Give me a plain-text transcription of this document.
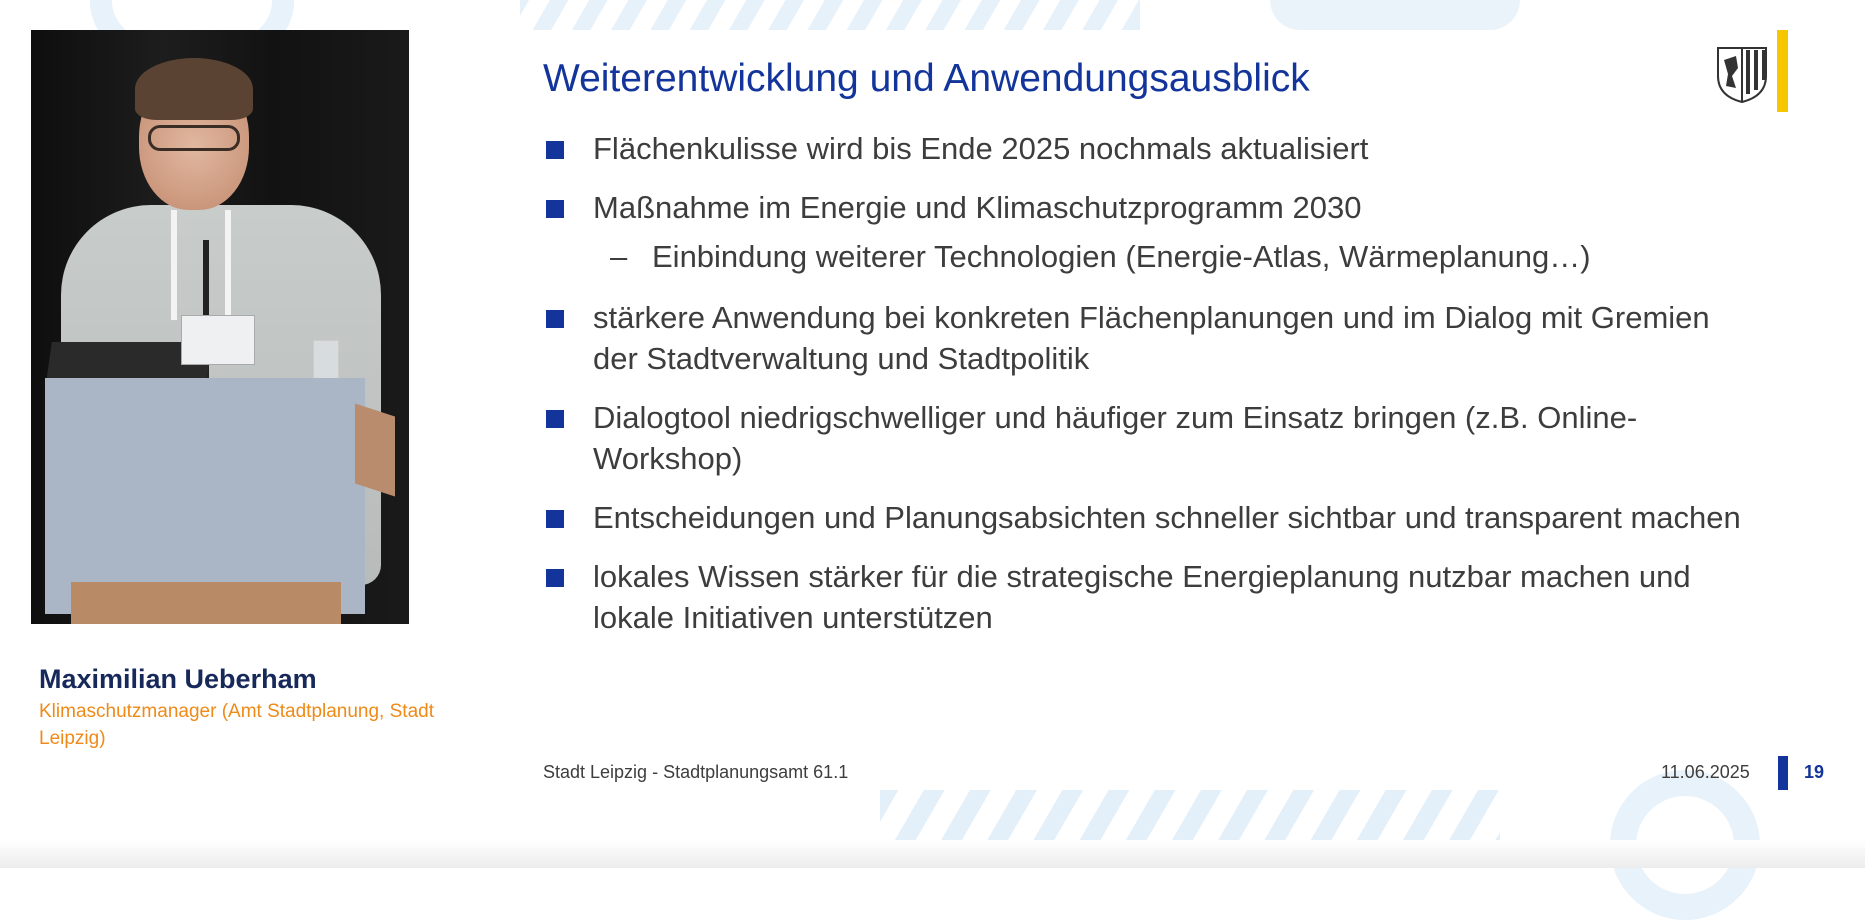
Maximilian Ueberham
Klimaschutzmanager (Amt Stadtplanung, Stadt Leipzig)
Weiterentwicklung und Anwendungsausblick
Flächenkulisse wird bis Ende 2025 nochmals aktualisiert
Maßnahme im Energie und Klimaschutzprogramm 2030
– Einbindung weiterer Technologien (Energie-Atlas, Wärmeplanung…)
stärkere Anwendung bei konkreten Flächenplanungen und im Dialog mit Gremien der Stadtverwaltung und Stadtpolitik
Dialogtool niedrigschwelliger und häufiger zum Einsatz bringen (z.B. Online-Workshop)
Entscheidungen und Planungsabsichten schneller sichtbar und transparent machen
lokales Wissen stärker für die strategische Energieplanung nutzbar machen und lokale Initiativen unterstützen
Stadt Leipzig - Stadtplanungsamt 61.1	11.06.2025	19
